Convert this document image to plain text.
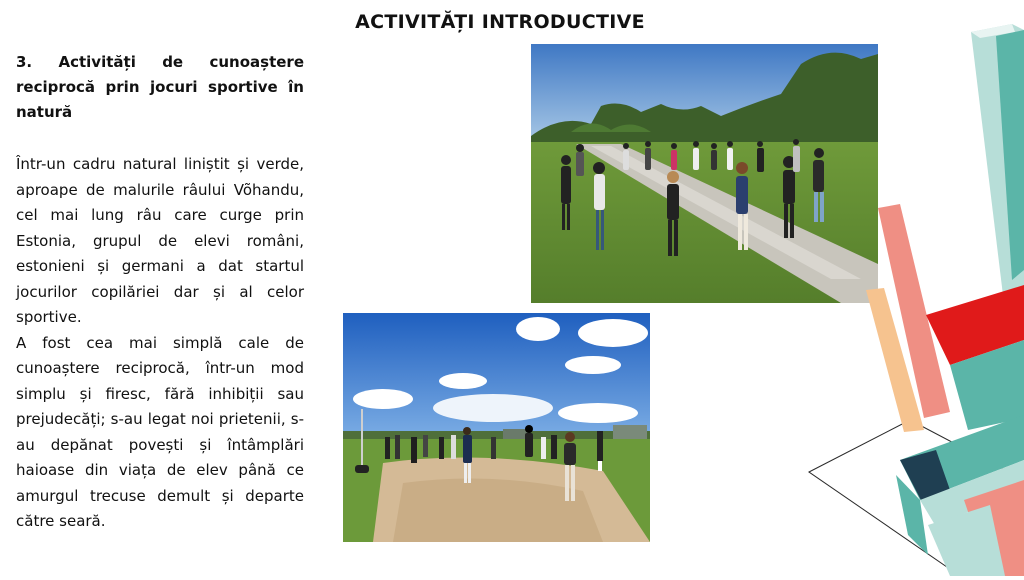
ACTIVITĂȚI INTRODUCTIVE
3. Activități de cunoaștere reciprocă prin jocuri sportive în natură

Într-un cadru natural liniștit și verde, aproape de malurile râului Võhandu, cel mai lung râu care curge prin Estonia, grupul de elevi români, estonieni și germani a dat startul jocurilor copilăriei dar și al celor sportive.

A fost cea mai simplă cale de cunoaștere reciprocă, într-un mod simplu și firesc, fără inhibiții sau prejudecăți; s-au legat noi prietenii, s-au depănat povești și întâmplări haioase din viața de elev până ce amurgul trecuse demult și departe către seară.
